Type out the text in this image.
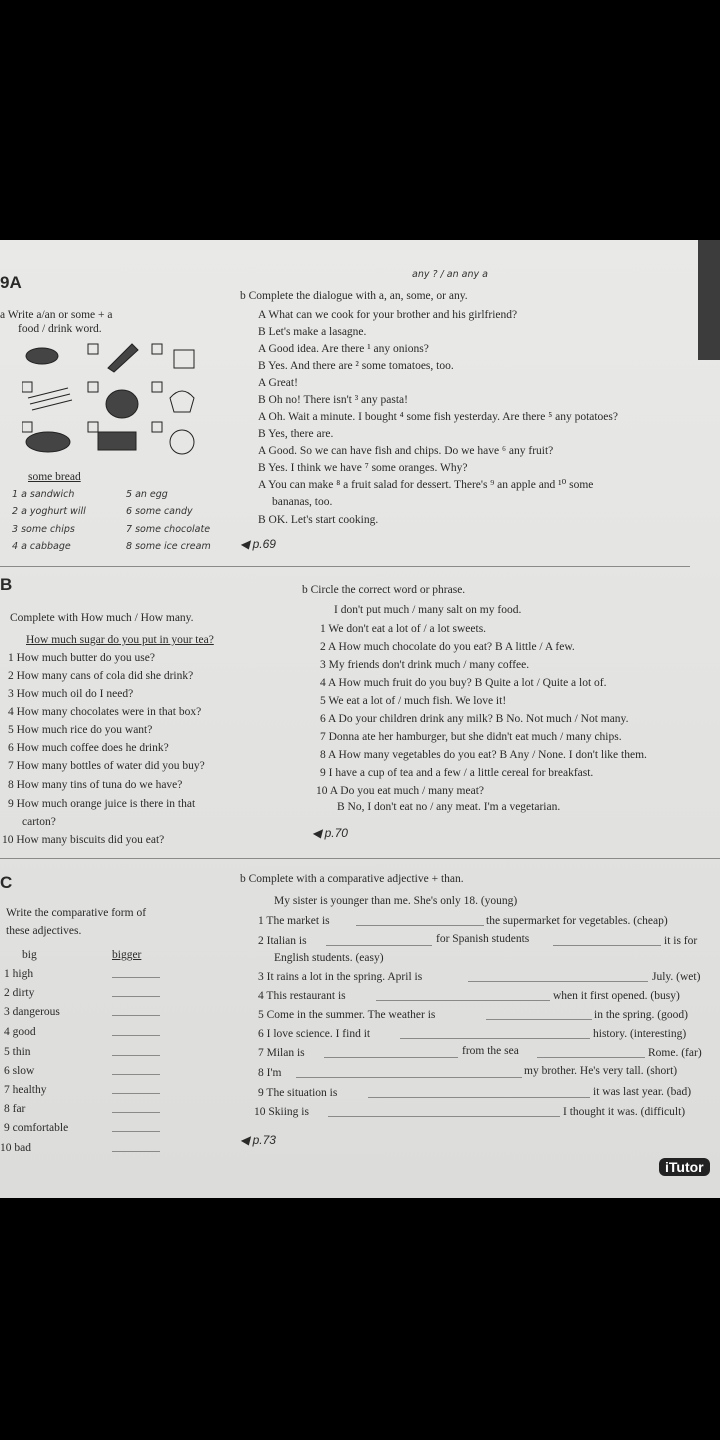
9A	any ? / an any a
a Write a/an or some + a
food / drink word.
some bread
1 a sandwich
2 a yoghurt will
3 some chips
4 a cabbage
5 an egg
6 some candy
7 some chocolate
8 some ice cream
b Complete the dialogue with a, an, some, or any.
A What can we cook for your brother and his girlfriend?
B Let's make a lasagne.
A Good idea. Are there ¹ any onions?
B Yes. And there are ² some tomatoes, too.
A Great!
B Oh no! There isn't ³ any pasta!
A Oh. Wait a minute. I bought ⁴ some fish yesterday. Are there ⁵ any potatoes?
B Yes, there are.
A Good. So we can have fish and chips. Do we have ⁶ any fruit?
B Yes. I think we have ⁷ some oranges. Why?
A You can make ⁸ a fruit salad for dessert. There's ⁹ an apple and ¹⁰ some
bananas, too.
B OK. Let's start cooking.
◀ p.69
B
Complete with How much / How many.
How much sugar do you put in your tea?
1 How much butter do you use?
2 How many cans of cola did she drink?
3 How much oil do I need?
4 How many chocolates were in that box?
5 How much rice do you want?
6 How much coffee does he drink?
7 How many bottles of water did you buy?
8 How many tins of tuna do we have?
9 How much orange juice is there in that
carton?
10 How many biscuits did you eat?
b Circle the correct word or phrase.
I don't put much / many salt on my food.
1 We don't eat a lot of / a lot sweets.
2 A How much chocolate do you eat? B A little / A few.
3 My friends don't drink much / many coffee.
4 A How much fruit do you buy? B Quite a lot / Quite a lot of.
5 We eat a lot of / much fish. We love it!
6 A Do your children drink any milk? B No. Not much / Not many.
7 Donna ate her hamburger, but she didn't eat much / many chips.
8 A How many vegetables do you eat? B Any / None. I don't like them.
9 I have a cup of tea and a few / a little cereal for breakfast.
10 A Do you eat much / many meat?
B No, I don't eat no / any meat. I'm a vegetarian.
◀ p.70
C
Write the comparative form of
these adjectives.
big	bigger
1 high
2 dirty
3 dangerous
4 good
5 thin
6 slow
7 healthy
8 far
9 comfortable
10 bad
b Complete with a comparative adjective + than.
My sister is younger than me. She's only 18. (young)
1 The market is	the supermarket for vegetables. (cheap)
2 Italian is	for Spanish students	it is for
English students. (easy)
3 It rains a lot in the spring. April is	July. (wet)
4 This restaurant is	when it first opened. (busy)
5 Come in the summer. The weather is	in the spring. (good)
6 I love science. I find it	history. (interesting)
7 Milan is	from the sea	Rome. (far)
8 I'm	my brother. He's very tall. (short)
9 The situation is	it was last year. (bad)
10 Skiing is	I thought it was. (difficult)
◀ p.73
iTutor
